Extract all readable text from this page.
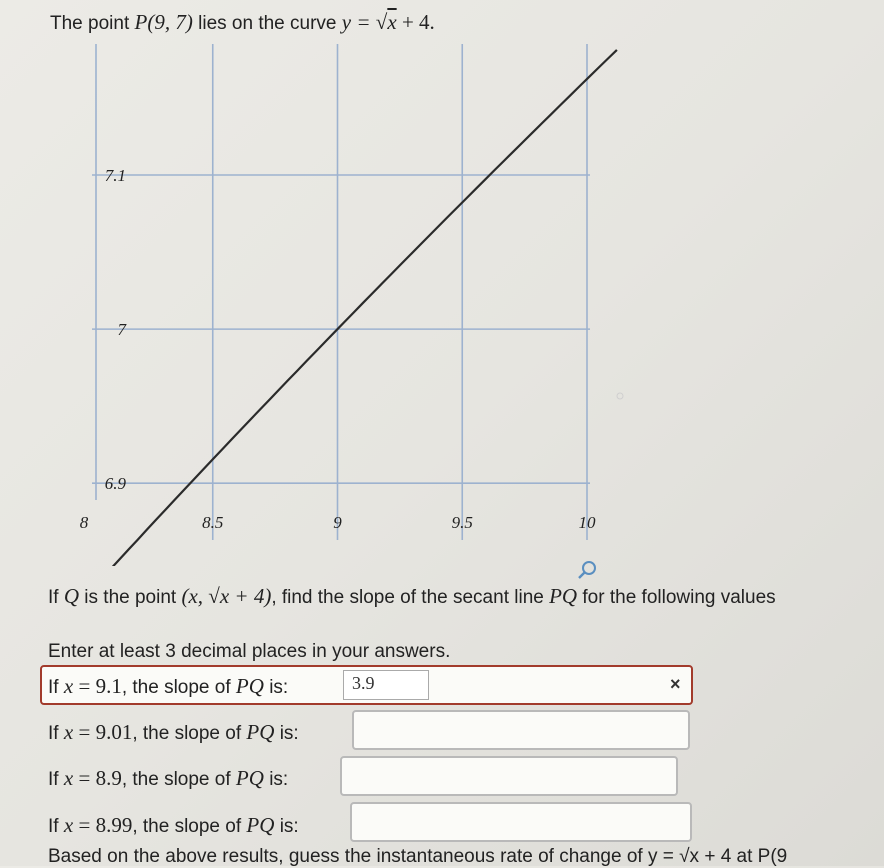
The point P(9, 7) lies on the curve y = √x + 4.
8	8.5	9	9.5	10
6.9
7
7.1
If Q is the point (x, √x + 4), find the slope of the secant line PQ for the following values
Enter at least 3 decimal places in your answers.
If x = 9.1, the slope of PQ is:	3.9	×
If x = 9.01, the slope of PQ is:
If x = 8.9, the slope of PQ is:
If x = 8.99, the slope of PQ is:
Based on the above results, guess the instantaneous rate of change of y = √x + 4 at P(9
